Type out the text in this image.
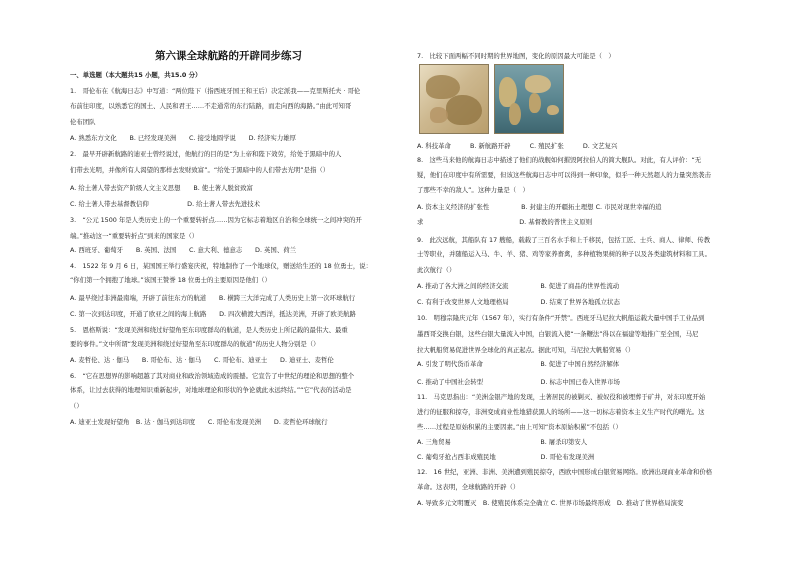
第六课全球航路的开辟同步练习
一、单选题（本大题共15 小题，共15.0 分）
1.　哥伦布在《航海日志》中写道：“两位陛下（指西班牙国王和王后）决定派我——克里斯托夫 · 哥伦
布前往印度，以熟悉它的国土、人民和君王……不走通常的东行陆路，而走向西的海路。”由此可知哥
伦布团队
A. 熟悉东方文化　　B. 已经发现美洲　　C. 接受地圆学说　　D. 经济实力雄厚
2.　最早开辟新航路的迪亚士曾经说过，他航行的目的是“为上帝和陛下效劳，给处于黑暗中的人
们带去光明，并像所有人渴望的那样去发财致富”。“给处于黑暗中的人们带去光明”是指（）
A. 给土著人带去资产阶级人文主义思想　　B. 使土著人脱贫致富
C. 给土著人带去基督教信仰　　　　　　D. 给土著人带去先进技术
3.　“公元 1500 年是人类历史上的一个重要转折点……因为它标志着地区自治和全球统一之间冲突的开
端。”推动这一“重要转折点”到来的国家是（）
A. 西班牙、葡萄牙　　B. 英国、法国　　C. 意大利、德意志　　D. 英国、荷兰
4.　1522 年 9 月 6 日，某国国王举行盛宴庆祝，特地制作了一个地球仪，赠送给生还的 18 位勇士，说：
“你们第一个拥抱了地球。”该国王赞誉 18 位勇士的主要原因是他们（）
A. 最早绕过非洲最南端，开辟了前往东方的航道　　B. 横跨三大洋完成了人类历史上第一次环球航行
C. 第一次到达印度，开通了欧亚之间的海上航路　　D. 四次横渡大西洋，抵达美洲，开辟了欧美航路
5.　恩格斯说：“发现美洲和绕过好望角至东印度群岛的航道，是人类历史上所记载的最伟大、最重
要的事件。”文中所谓“发现美洲和绕过好望角至东印度群岛的航道”的历史人物分别是（）
A. 麦哲伦、达 · 伽马　　B. 哥伦布、达 · 伽马　　C. 哥伦布、迪亚士　　D. 迪亚士、麦哲伦
6.　“它在思想界的影响超越了其对商业和政治领域造成的震撼。它宣告了中世纪的理论和思想的整个
体系，让过去获得的地理知识重新起步，对地球理论和形状的争论就此永远终结。”“它”代表的活动是
（）
A. 迪亚士发现好望角　B. 达 · 伽马到达印度　　C. 哥伦布发现美洲　　D. 麦哲伦环球航行
7.　比较下面两幅不同时期的世界地图，变化的原因最大可能是（　）
A. 科技革命　　　B. 新航路开辟　　　C. 殖民扩张　　　D. 文艺复兴
8.　这些马来他的航海日志中描述了他们的战舰如何摧毁阿拉伯人的简大舰队。对此，有人评价：“无
疑，他们在印度中有所需要，但该这些航海日志中可以得到一种印象，似乎一种天然超人的力量突然袭击
了那些不幸的敌人”。这种力量是（　）
A. 资本主义经济的扩张性　　　　　B. 封建主的开疆拓土理想 C. 市民对现世幸福的追
求　　　　　　　　　　　　　　　D. 基督教的普世主义原则
9.　此次远航，其船队有 17 艘船，载载了三百名水手和上千移民，包括工匠、士兵、商人、律师、传教
士等职业，并随船运入马、牛、羊、猪、鸡等家养畜禽，多种植物果树的种子以及各类建筑材料和工具。
此次航行（）
A. 推动了各大洲之间的经济交流　　　　　B. 促进了商品的世界性流动
C. 有利于改变世界人文地理格局　　　　　D. 结束了世界各地孤立状态
10.　明穆宗隆庆元年（1567 年），实行有条件“开禁”。西班牙马尼拉大帆船运载大量中国手工业品到
墨西哥交换白银，这些白银大量流入中国，白银流入使“一条鞭法”得以在福建等地推广至全国，马尼
拉大帆船贸易促进世界全球化的真正起点。据此可知，马尼拉大帆船贸易（）
A. 引发了明代货币革命　　　　　　　　　B. 促进了中国自然经济解体
C. 推动了中国社会转型　　　　　　　　　D. 标志中国已卷入世界市场
11.　马克思指出：“美洲金银产地的发现，土著居民的被剿灭、被奴役和被埋葬于矿井，对东印度开始
进行的征服和掠夺，非洲变成商业性地猎获黑人的场所——这一切标志着资本主义生产时代的曙光。这
些……过程是原始积累的主要因素。”由上可知“资本原始积累”不包括（）
A. 三角贸易　　　　　　　　　　　　　　B. 屠杀印第安人
C. 葡萄牙抢占西非成殖民地　　　　　　　D. 哥伦布发现美洲
12.　16 世纪，亚洲、非洲、美洲遭到殖民掠夺，西欧中国形成白银贸易网络。欧洲出现商业革命和价格
革命。这表明，全球航路的开辟（）
A. 导致多元文明覆灭　B. 使殖民体系完全确立 C. 世界市场最终形成　D. 推动了世界格局演变
